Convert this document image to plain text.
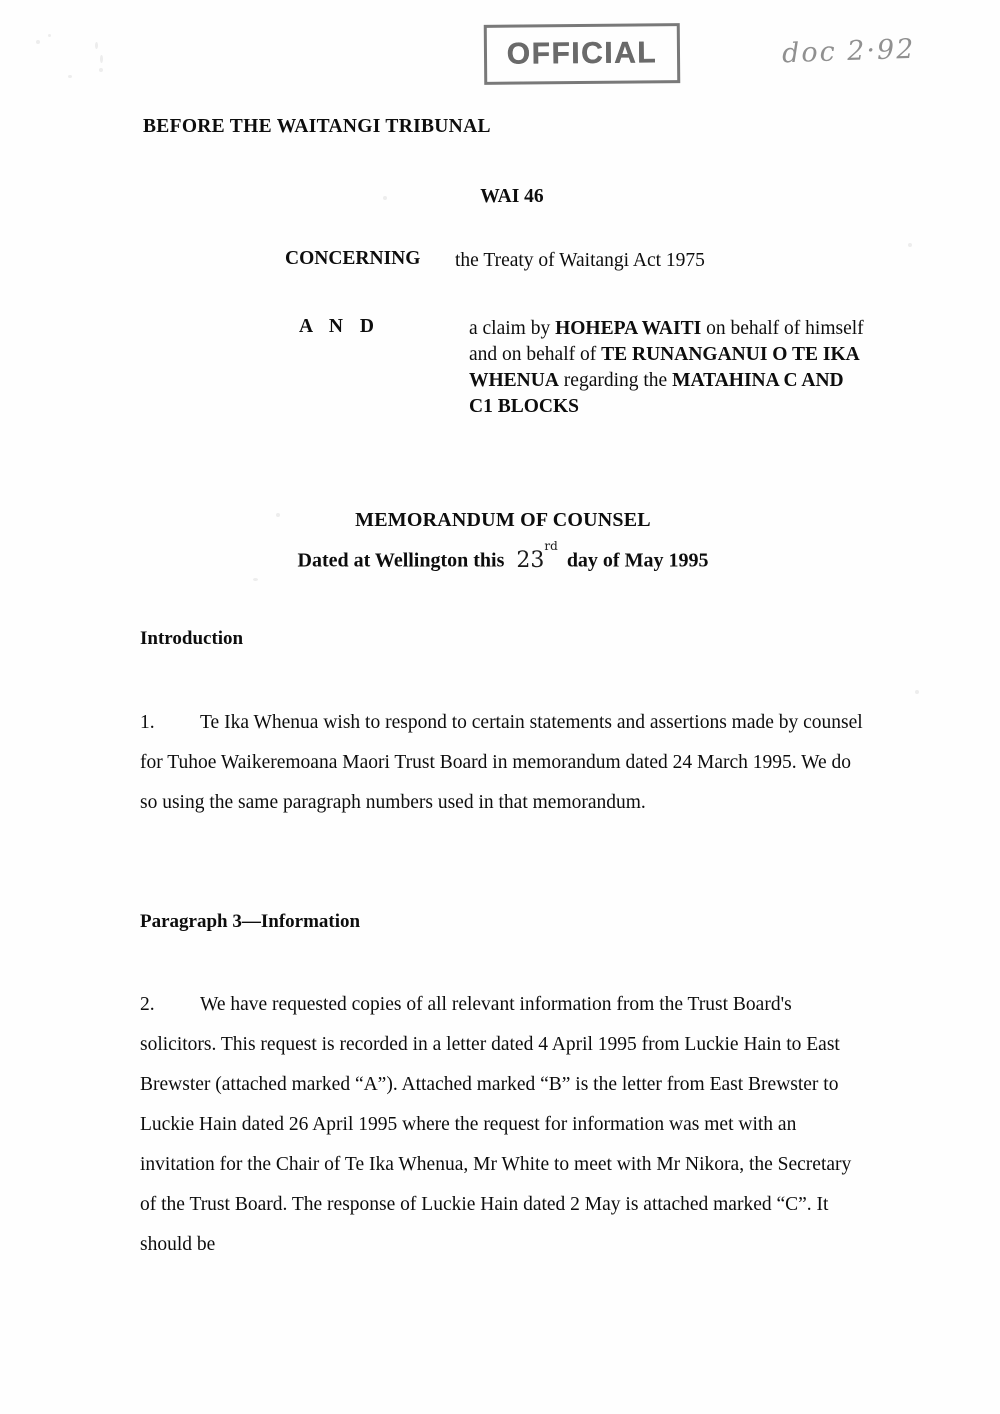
OFFICIAL	doc 2·92
BEFORE THE WAITANGI TRIBUNAL
WAI 46
CONCERNING	the Treaty of Waitangi Act 1975
A N D	a claim by HOHEPA WAITI on behalf of himself and on behalf of TE RUNANGANUI O TE IKA WHENUA regarding the MATAHINA C AND C1 BLOCKS
MEMORANDUM OF COUNSEL
Dated at Wellington this 23rdday of May 1995
Introduction
1. Te Ika Whenua wish to respond to certain statements and assertions made by counsel for Tuhoe Waikeremoana Maori Trust Board in memorandum dated 24 March 1995. We do so using the same paragraph numbers used in that memorandum.
Paragraph 3—Information
2. We have requested copies of all relevant information from the Trust Board's solicitors. This request is recorded in a letter dated 4 April 1995 from Luckie Hain to East Brewster (attached marked “A”). Attached marked “B” is the letter from East Brewster to Luckie Hain dated 26 April 1995 where the request for information was met with an invitation for the Chair of Te Ika Whenua, Mr White to meet with Mr Nikora, the Secretary of the Trust Board. The response of Luckie Hain dated 2 May is attached marked “C”. It should be
